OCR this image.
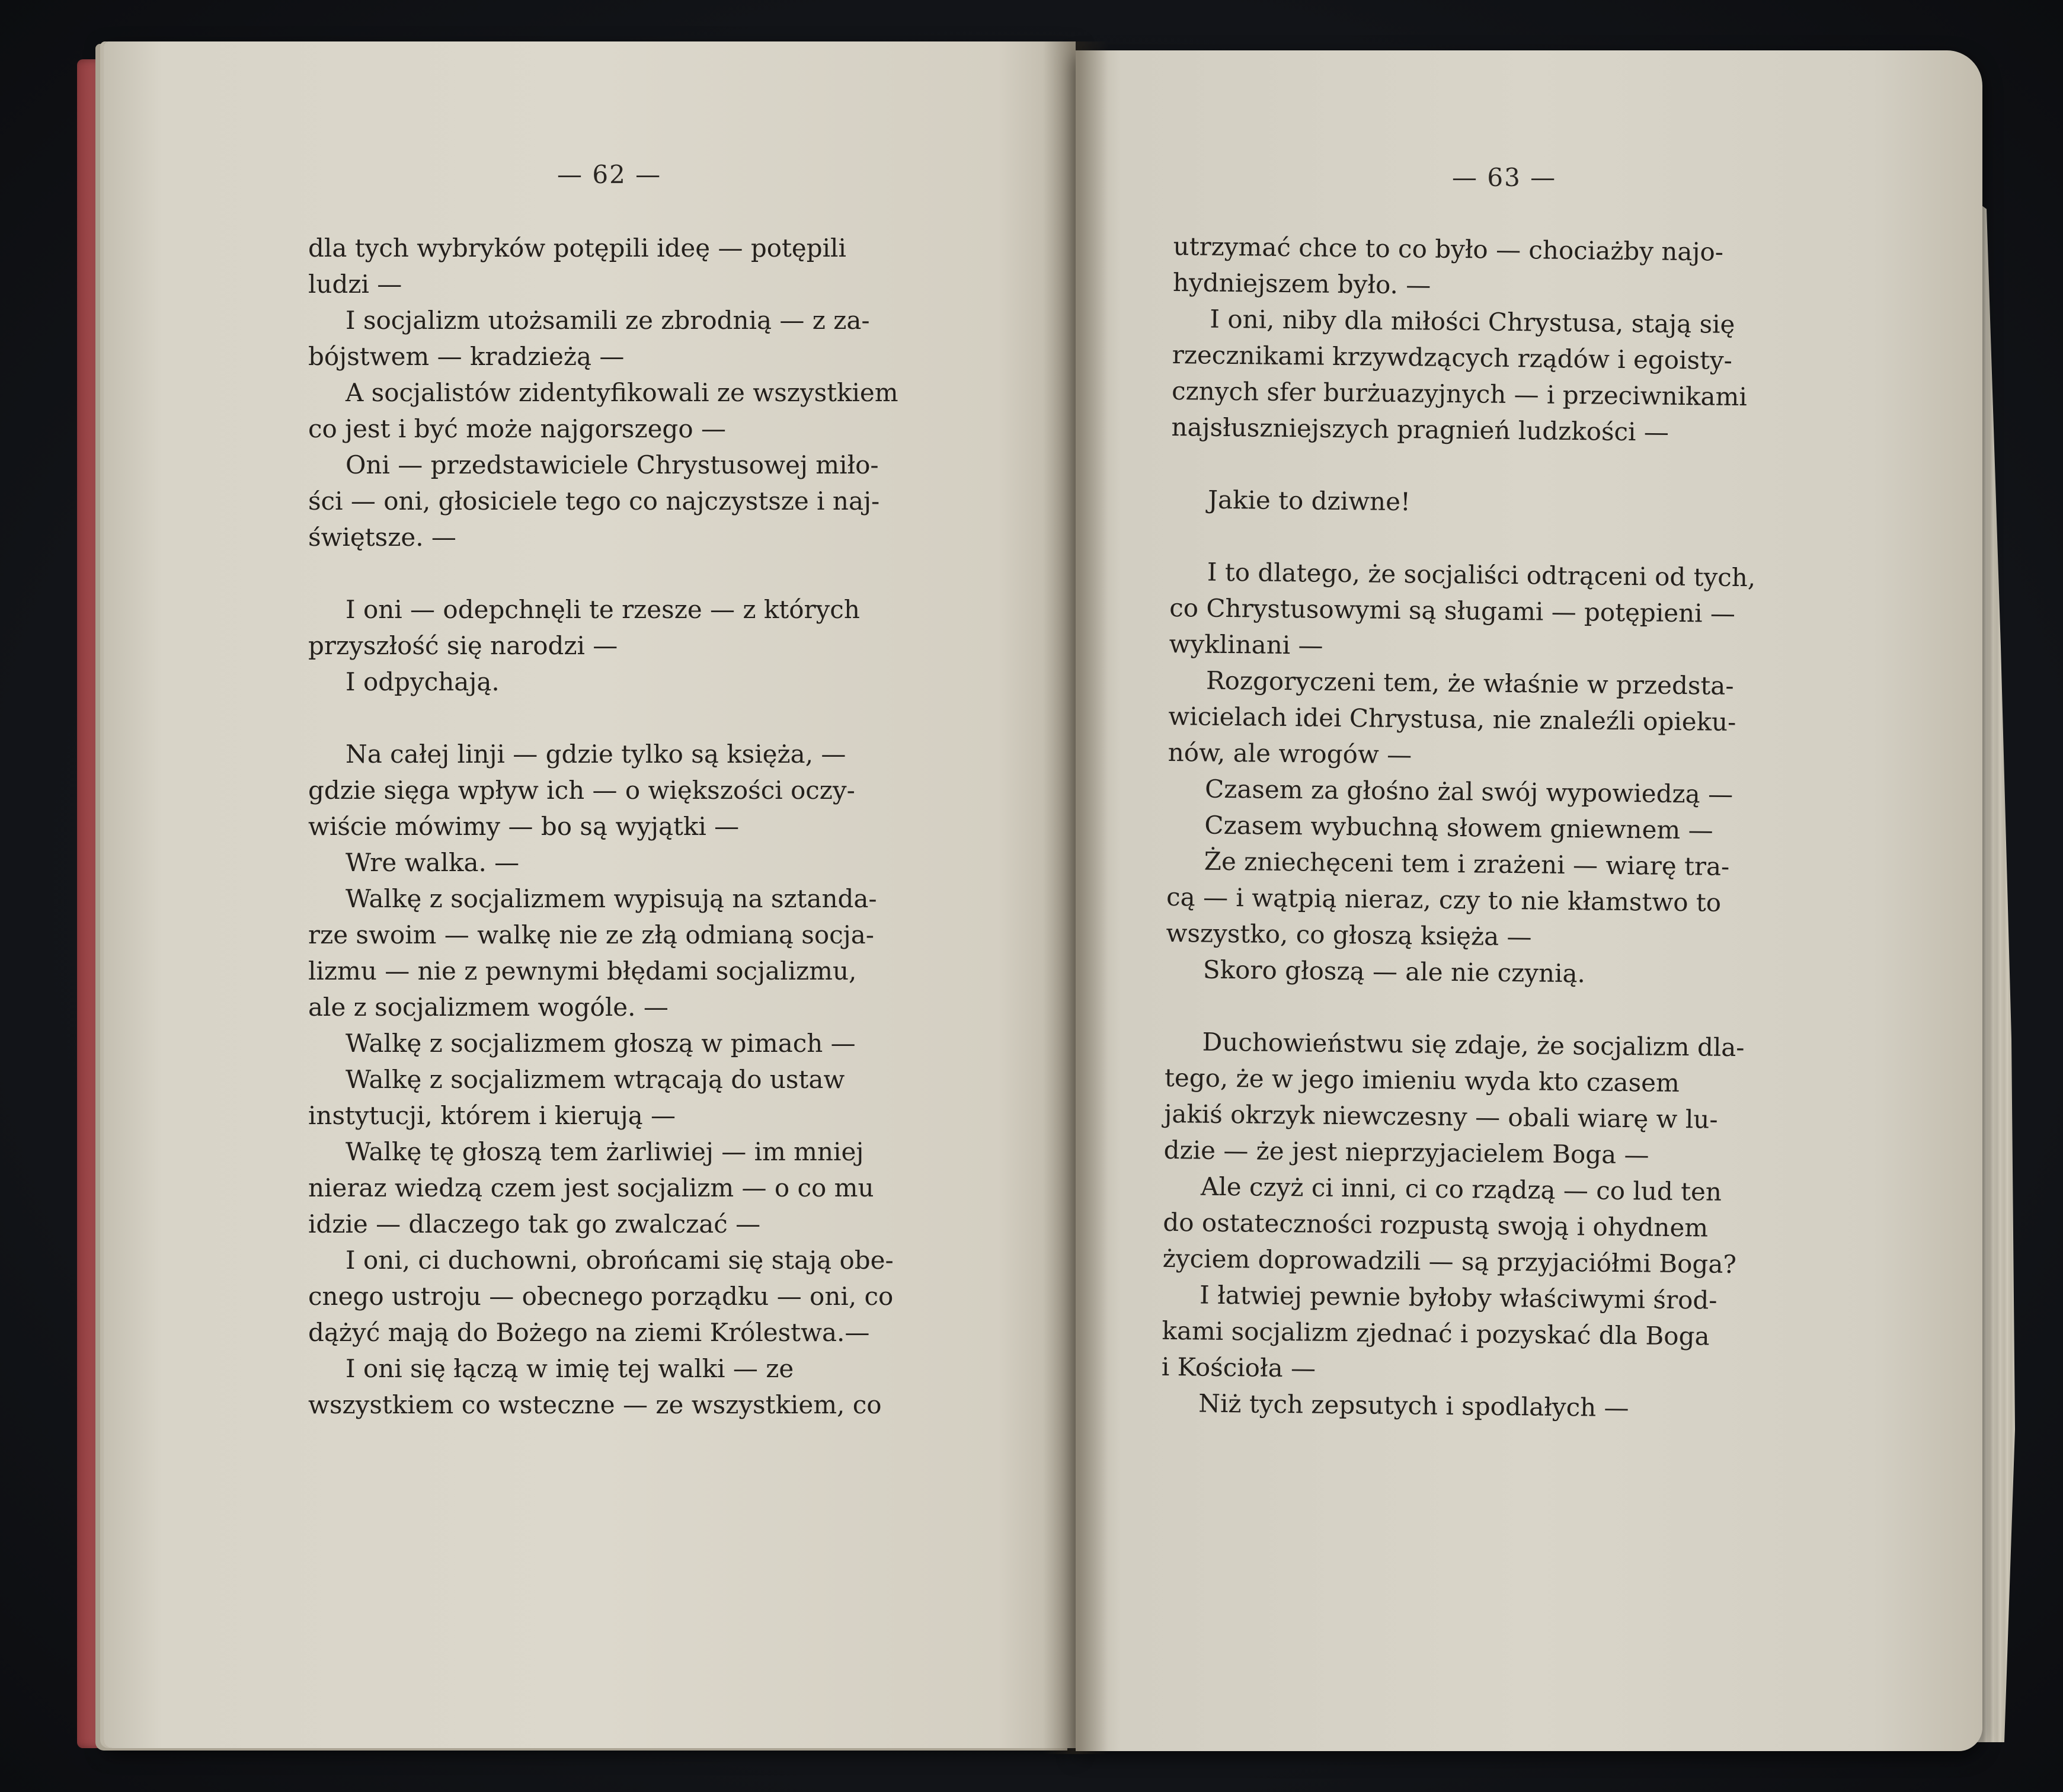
— 62 —
dla tych wybryków potępili ideę — potępili
ludzi —
  I socjalizm utożsamili ze zbrodnią — z za-
bójstwem — kradzieżą —
  A socjalistów zidentyfikowali ze wszystkiem
co jest i być może najgorszego —
  Oni — przedstawiciele Chrystusowej miło-
ści — oni, głosiciele tego co najczystsze i naj-
świętsze. —
  I oni — odepchnęli te rzesze — z których
przyszłość się narodzi —
  I odpychają.
  Na całej linji — gdzie tylko są księża, —
gdzie sięga wpływ ich — o większości oczy-
wiście mówimy — bo są wyjątki —
  Wre walka. —
  Walkę z socjalizmem wypisują na sztanda-
rze swoim — walkę nie ze złą odmianą socja-
lizmu — nie z pewnymi błędami socjalizmu,
ale z socjalizmem wogóle. —
  Walkę z socjalizmem głoszą w pimach —
  Walkę z socjalizmem wtrącają do ustaw
instytucji, którem i kierują —
  Walkę tę głoszą tem żarliwiej — im mniej
nieraz wiedzą czem jest socjalizm — o co mu
idzie — dlaczego tak go zwalczać —
  I oni, ci duchowni, obrońcami się stają obe-
cnego ustroju — obecnego porządku — oni, co
dążyć mają do Bożego na ziemi Królestwa.—
  I oni się łączą w imię tej walki — ze
wszystkiem co wsteczne — ze wszystkiem, co
— 63 —
utrzymać chce to co było — chociażby najo-
hydniejszem było. —
  I oni, niby dla miłości Chrystusa, stają się
rzecznikami krzywdzących rządów i egoisty-
cznych sfer burżuazyjnych — i przeciwnikami
najsłuszniejszych pragnień ludzkości —
  Jakie to dziwne!
  I to dlatego, że socjaliści odtrąceni od tych,
co Chrystusowymi są sługami — potępieni —
wyklinani —
  Rozgoryczeni tem, że właśnie w przedsta-
wicielach idei Chrystusa, nie znaleźli opieku-
nów, ale wrogów —
  Czasem za głośno żal swój wypowiedzą —
  Czasem wybuchną słowem gniewnem —
  Że zniechęceni tem i zrażeni — wiarę tra-
cą — i wątpią nieraz, czy to nie kłamstwo to
wszystko, co głoszą księża —
  Skoro głoszą — ale nie czynią.
  Duchowieństwu się zdaje, że socjalizm dla-
tego, że w jego imieniu wyda kto czasem
jakiś okrzyk niewczesny — obali wiarę w lu-
dzie — że jest nieprzyjacielem Boga —
  Ale czyż ci inni, ci co rządzą — co lud ten
do ostateczności rozpustą swoją i ohydnem
życiem doprowadzili — są przyjaciółmi Boga?
  I łatwiej pewnie byłoby właściwymi środ-
kami socjalizm zjednać i pozyskać dla Boga
i Kościoła —
  Niż tych zepsutych i spodlałych —
